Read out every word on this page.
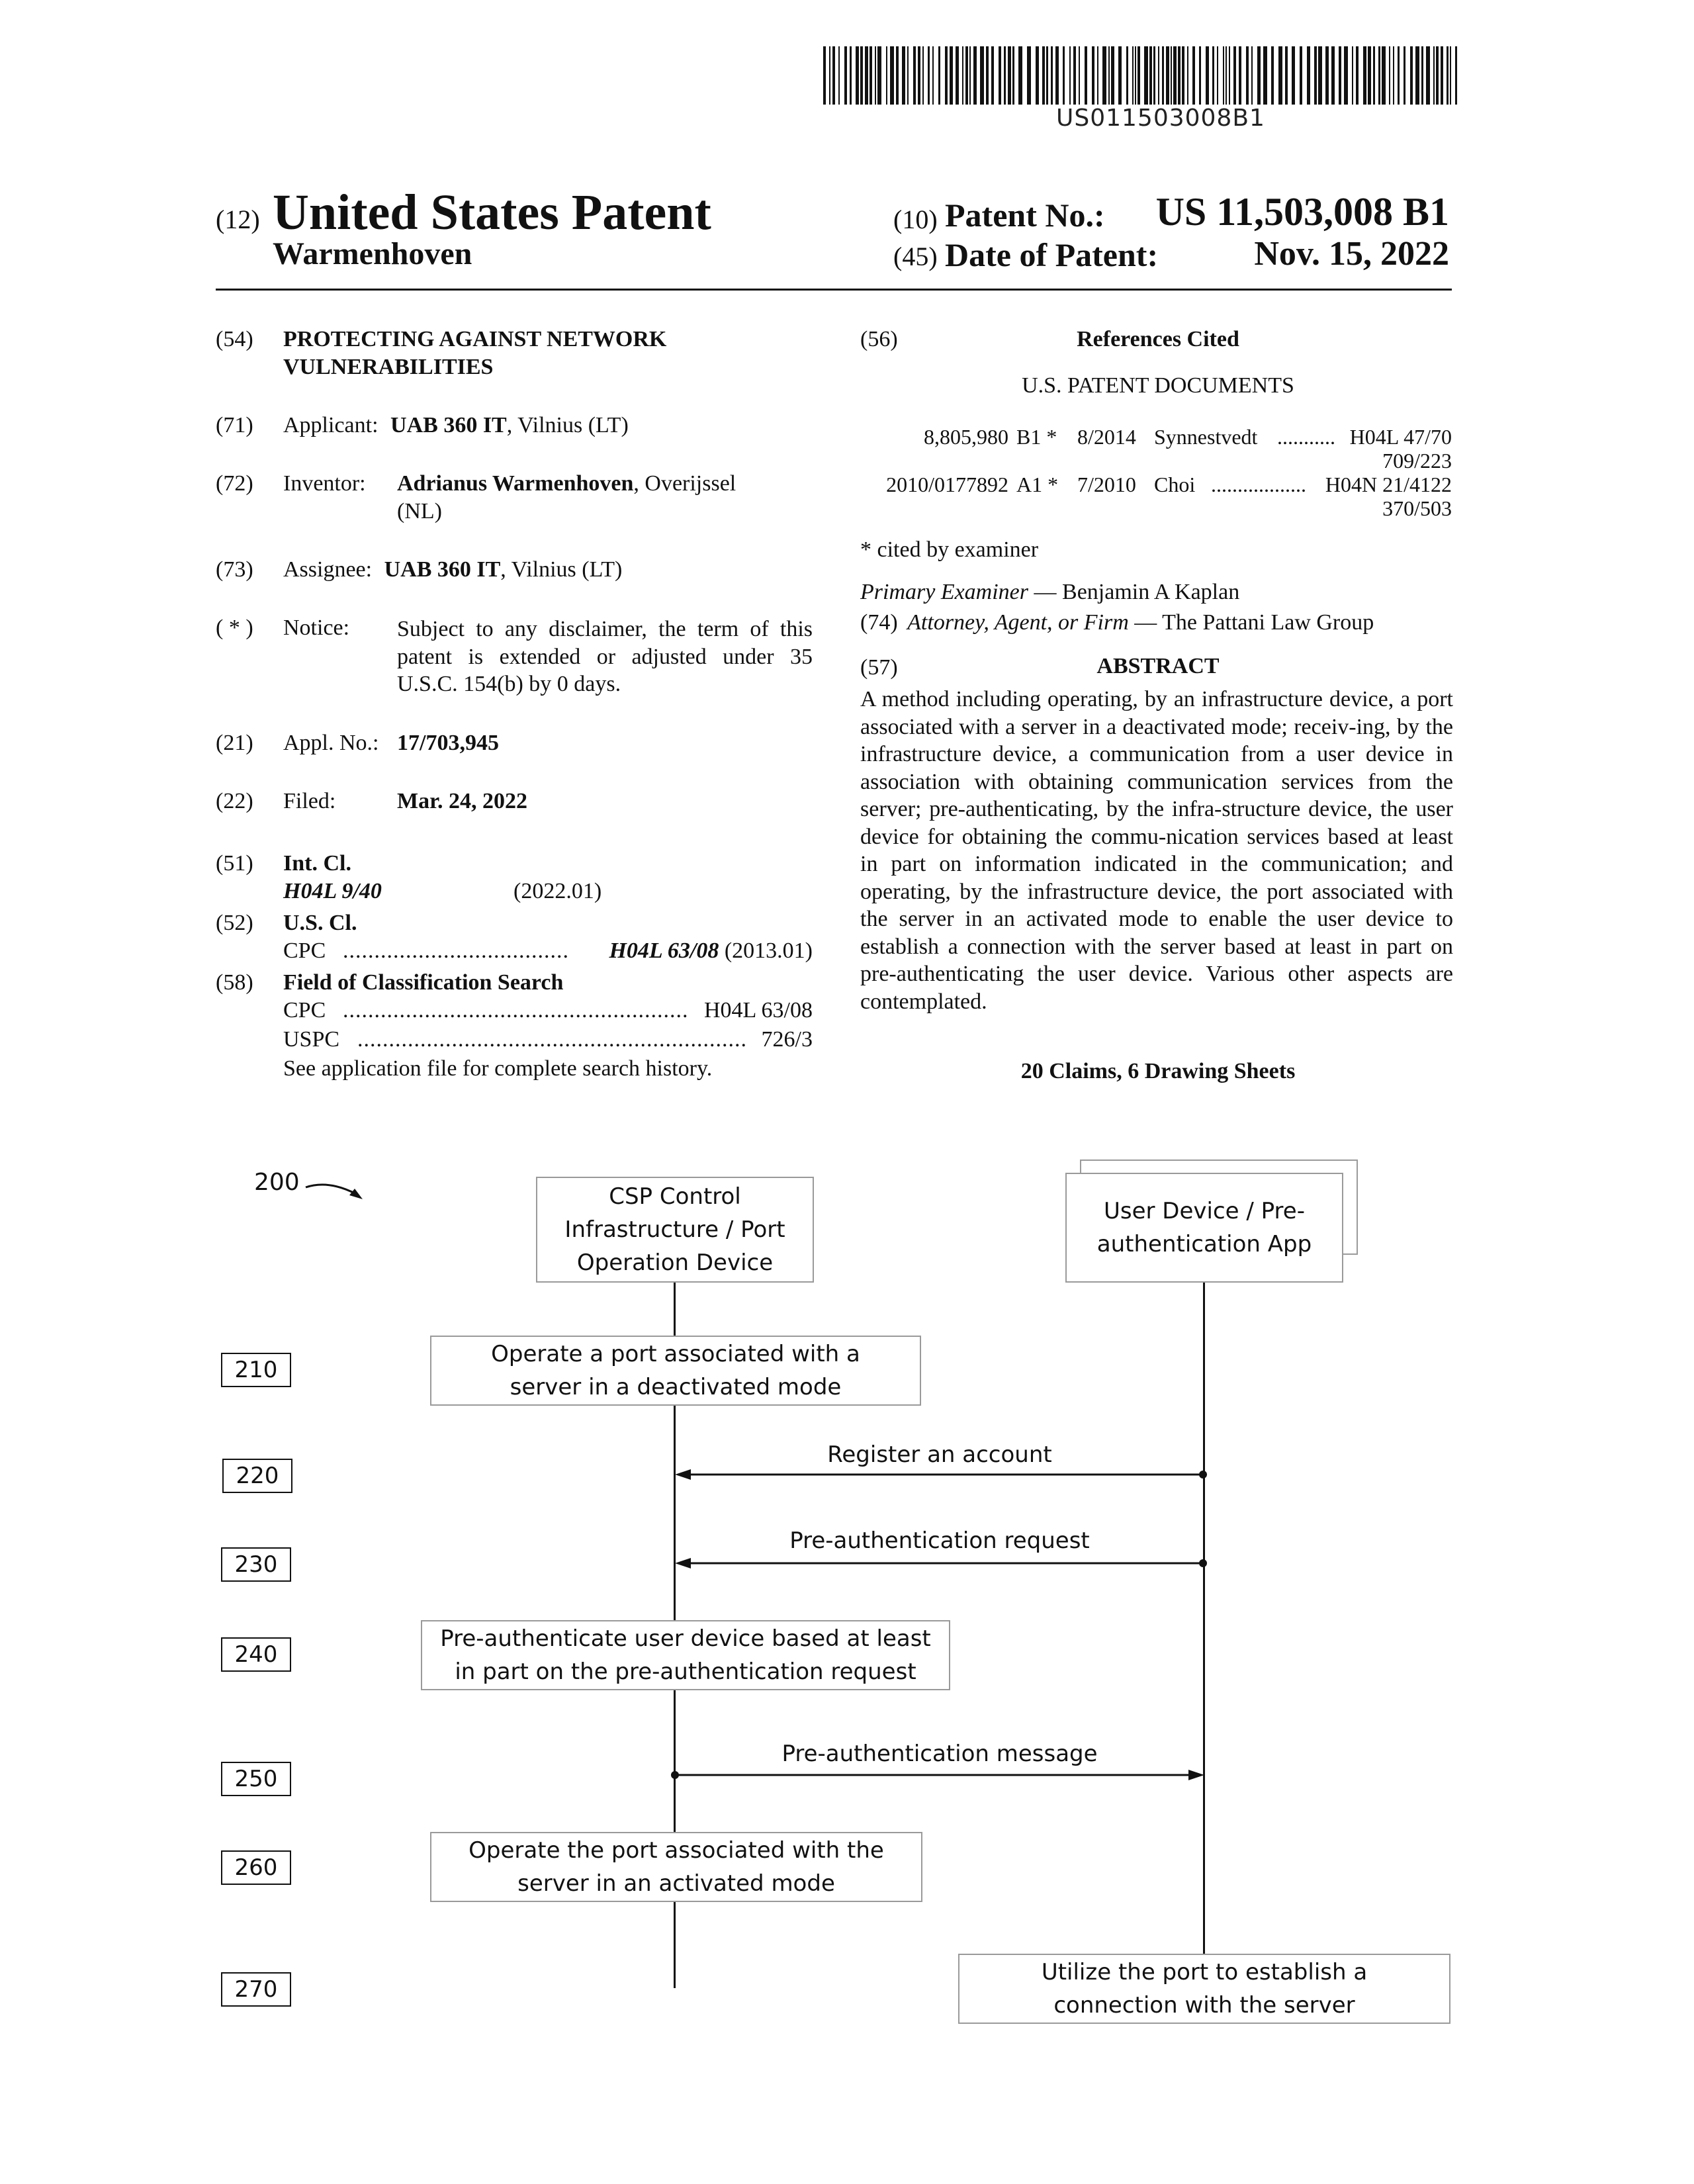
US011503008B1
(12) United States Patent
Warmenhoven
(10) Patent No.: US 11,503,008 B1
(45) Date of Patent:	Nov. 15, 2022
(54) PROTECTING AGAINST NETWORK
VULNERABILITIES
(71) Applicant: UAB 360 IT, Vilnius (LT)
(72) Inventor: Adrianus Warmenhoven, Overijssel
(NL)
(73) Assignee: UAB 360 IT, Vilnius (LT)
( * ) Notice: Subject to any disclaimer, the term of this patent is extended or adjusted under 35 U.S.C. 154(b) by 0 days.
(21) Appl. No.: 17/703,945
(22) Filed:	Mar. 24, 2022
(51) Int. Cl.
H04L 9/40	(2022.01)
(52) U.S. Cl.
CPC .................................... H04L 63/08 (2013.01)
(58) Field of Classification Search
CPC ....................................................... H04L 63/08
USPC .............................................................. 726/3
See application file for complete search history.
(56)	References Cited
U.S. PATENT DOCUMENTS
8,805,980 B1 * 8/2014 Synnestvedt ........... H04L 47/70
709/223
2010/0177892 A1 * 7/2010 Choi .................. H04N 21/4122
370/503
* cited by examiner
Primary Examiner — Benjamin A Kaplan
(74) Attorney, Agent, or Firm — The Pattani Law Group
(57)	ABSTRACT
A method including operating, by an infrastructure device, a port associated with a server in a deactivated mode; receiv-ing, by the infrastructure device, a communication from a user device in association with obtaining communication services from the server; pre-authenticating, by the infra-structure device, the user device for obtaining the commu-nication services based at least in part on information indicated in the communication; and operating, by the infrastructure device, the port associated with the server in an activated mode to enable the user device to establish a connection with the server based at least in part on pre-authenticating the user device. Various other aspects are contemplated.
20 Claims, 6 Drawing Sheets
200
CSP Control Infrastructure / Port Operation Device
User Device / Pre-authentication App
210
Operate a port associated with a server in a deactivated mode
220
Register an account
230
Pre-authentication request
240
Pre-authenticate user device based at least in part on the pre-authentication request
250
Pre-authentication message
260
Operate the port associated with the server in an activated mode
270
Utilize the port to establish a connection with the server
